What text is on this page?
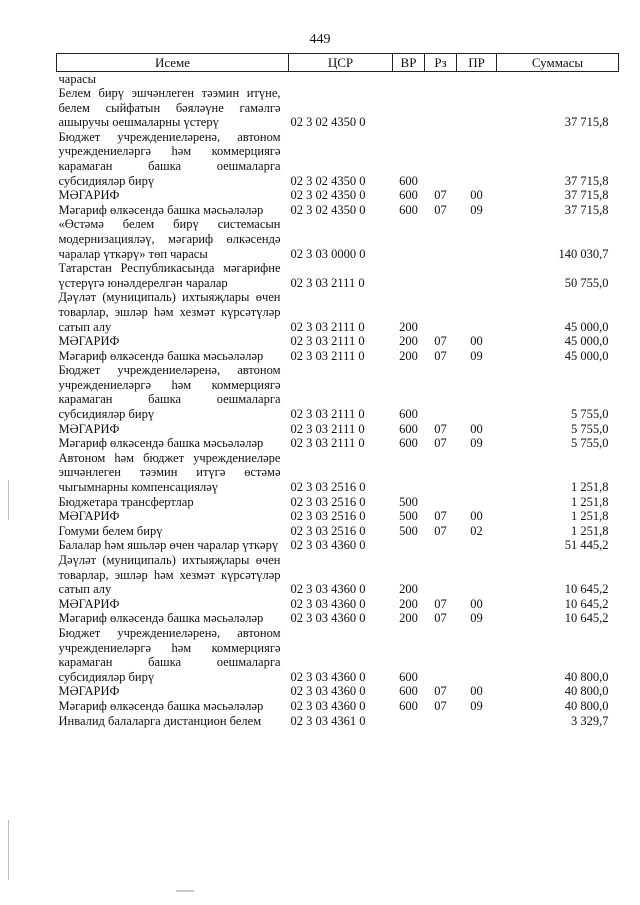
449
Исеме	ЦСР	ВР	Рз	ПР	Суммасы
чарасы					
Белем бирү эшчәнлеген тәэмин итүне, белем сыйфатын бәяләүне гамәлгә ашыручы оешмаларны үстерү	02 3 02 4350 0				37 715,8
Бюджет учреждениеләренә, автоном учреждениеләргә һәм коммерциягә карамаган башка оешмаларга субсидияләр бирү	02 3 02 4350 0	600			37 715,8
МӘГАРИФ	02 3 02 4350 0	600	07	00	37 715,8
Мәгариф өлкәсендә башка мәсьәләләр	02 3 02 4350 0	600	07	09	37 715,8
«Өстәмә белем бирү системасын модернизацияләү, мәгариф өлкәсендә чаралар үткәрү» төп чарасы	02 3 03 0000 0				140 030,7
Татарстан Республикасында мәгарифне үстерүгә юнәлдерелгән чаралар	02 3 03 2111 0				50 755,0
Дәүләт (муниципаль) ихтыяҗлары өчен товарлар, эшләр һәм хезмәт күрсәтүләр сатып алу	02 3 03 2111 0	200			45 000,0
МӘГАРИФ	02 3 03 2111 0	200	07	00	45 000,0
Мәгариф өлкәсендә башка мәсьәләләр	02 3 03 2111 0	200	07	09	45 000,0
Бюджет учреждениеләренә, автоном учреждениеләргә һәм коммерциягә карамаган башка оешмаларга субсидияләр бирү	02 3 03 2111 0	600			5 755,0
МӘГАРИФ	02 3 03 2111 0	600	07	00	5 755,0
Мәгариф өлкәсендә башка мәсьәләләр	02 3 03 2111 0	600	07	09	5 755,0
Автоном һәм бюджет учреждениеләре эшчәнлеген тәэмин итүгә өстәмә чыгымнарны компенсацияләү	02 3 03 2516 0				1 251,8
Бюджетара трансфертлар	02 3 03 2516 0	500			1 251,8
МӘГАРИФ	02 3 03 2516 0	500	07	00	1 251,8
Гомуми белем бирү	02 3 03 2516 0	500	07	02	1 251,8
Балалар һәм яшьләр өчен чаралар үткәрү	02 3 03 4360 0				51 445,2
Дәүләт (муниципаль) ихтыяҗлары өчен товарлар, эшләр һәм хезмәт күрсәтүләр сатып алу	02 3 03 4360 0	200			10 645,2
МӘГАРИФ	02 3 03 4360 0	200	07	00	10 645,2
Мәгариф өлкәсендә башка мәсьәләләр	02 3 03 4360 0	200	07	09	10 645,2
Бюджет учреждениеләренә, автоном учреждениеләргә һәм коммерциягә карамаган башка оешмаларга субсидияләр бирү	02 3 03 4360 0	600			40 800,0
МӘГАРИФ	02 3 03 4360 0	600	07	00	40 800,0
Мәгариф өлкәсендә башка мәсьәләләр	02 3 03 4360 0	600	07	09	40 800,0
Инвалид балаларга дистанцион белем	02 3 03 4361 0				3 329,7
